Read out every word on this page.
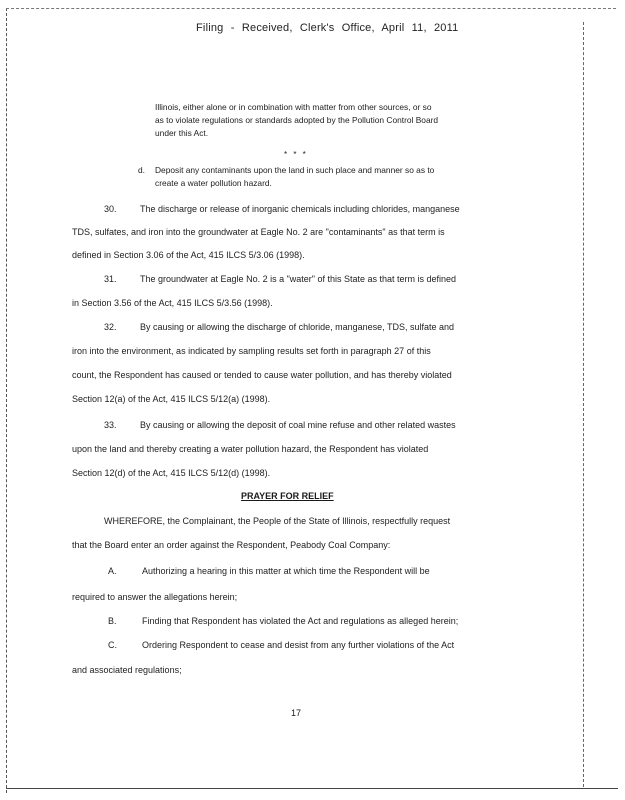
Filing - Received, Clerk's Office, April 11, 2011
Illinois, either alone or in combination with matter from other sources, or so
as to violate regulations or standards adopted by the Pollution Control Board
under this Act.
* * *
d. Deposit any contaminants upon the land in such place and manner so as to
create a water pollution hazard.
30.	The discharge or release of inorganic chemicals including chlorides, manganese
TDS, sulfates, and iron into the groundwater at Eagle No. 2 are "contaminants" as that term is
defined in Section 3.06 of the Act, 415 ILCS 5/3.06 (1998).
31.	The groundwater at Eagle No. 2 is a "water" of this State as that term is defined
in Section 3.56 of the Act, 415 ILCS 5/3.56 (1998).
32.	By causing or allowing the discharge of chloride, manganese, TDS, sulfate and
iron into the environment, as indicated by sampling results set forth in paragraph 27 of this
count, the Respondent has caused or tended to cause water pollution, and has thereby violated
Section 12(a) of the Act, 415 ILCS 5/12(a) (1998).
33.	By causing or allowing the deposit of coal mine refuse and other related wastes
upon the land and thereby creating a water pollution hazard, the Respondent has violated
Section 12(d) of the Act, 415 ILCS 5/12(d) (1998).
PRAYER FOR RELIEF
WHEREFORE, the Complainant, the People of the State of Illinois, respectfully request
that the Board enter an order against the Respondent, Peabody Coal Company:
A.	Authorizing a hearing in this matter at which time the Respondent will be
required to answer the allegations herein;
B.	Finding that Respondent has violated the Act and regulations as alleged herein;
C.	Ordering Respondent to cease and desist from any further violations of the Act
and associated regulations;
17
